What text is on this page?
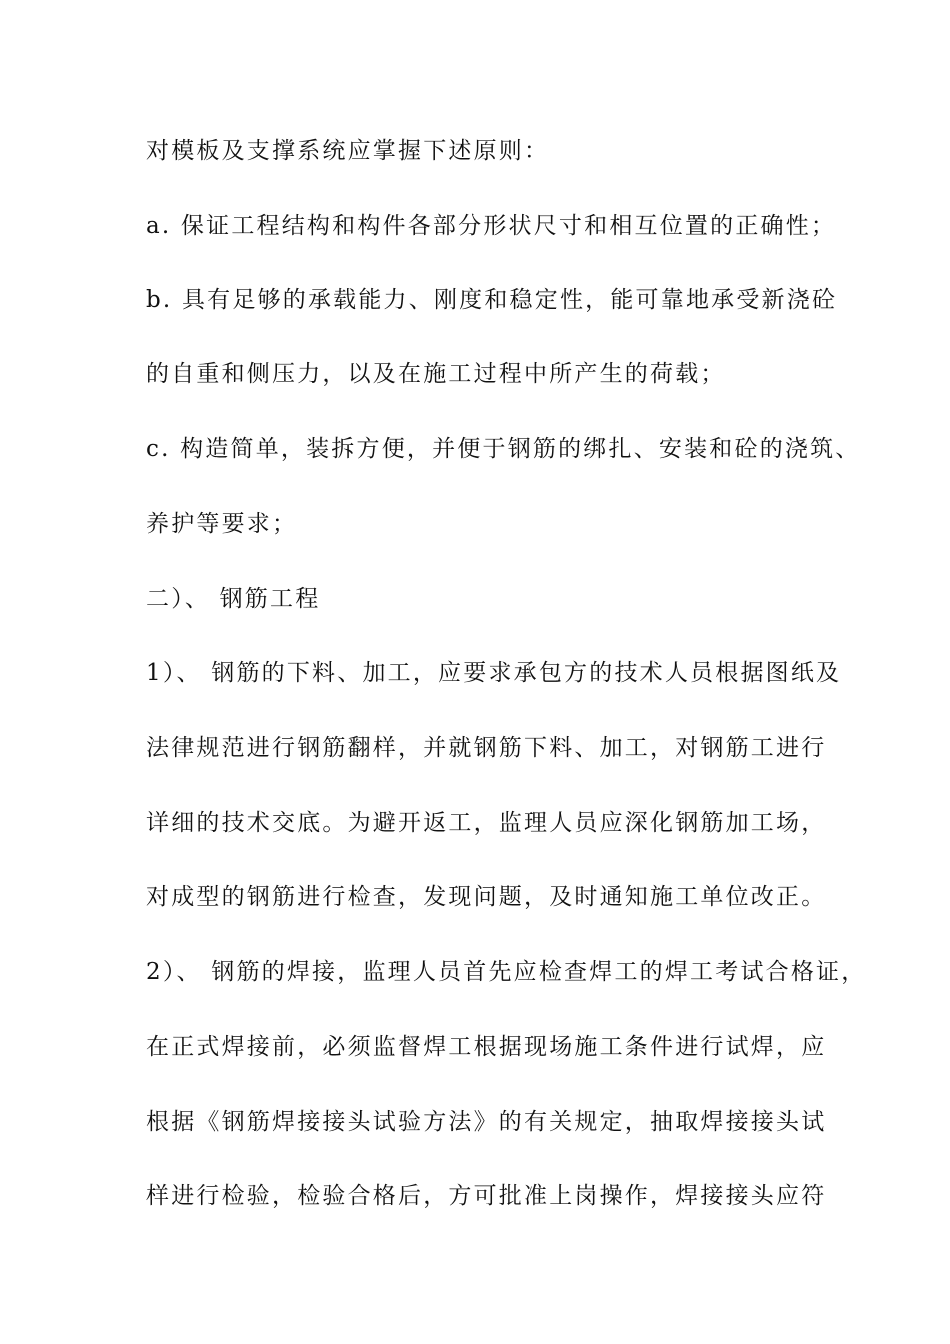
对模板及支撑系统应掌握下述原则：
a. 保证工程结构和构件各部分形状尺寸和相互位置的正确性；
b. 具有足够的承载能力、刚度和稳定性，能可靠地承受新浇砼
的自重和侧压力，以及在施工过程中所产生的荷载；
c. 构造简单，装拆方便，并便于钢筋的绑扎、安装和砼的浇筑、
养护等要求；
二）、 钢筋工程
1）、 钢筋的下料、加工，应要求承包方的技术人员根据图纸及
法律规范进行钢筋翻样，并就钢筋下料、加工，对钢筋工进行
详细的技术交底。为避开返工，监理人员应深化钢筋加工场，
对成型的钢筋进行检查，发现问题，及时通知施工单位改正。
2）、 钢筋的焊接，监理人员首先应检查焊工的焊工考试合格证，
在正式焊接前，必须监督焊工根据现场施工条件进行试焊，应
根据《钢筋焊接接头试验方法》的有关规定，抽取焊接接头试
样进行检验，检验合格后，方可批准上岗操作，焊接接头应符
